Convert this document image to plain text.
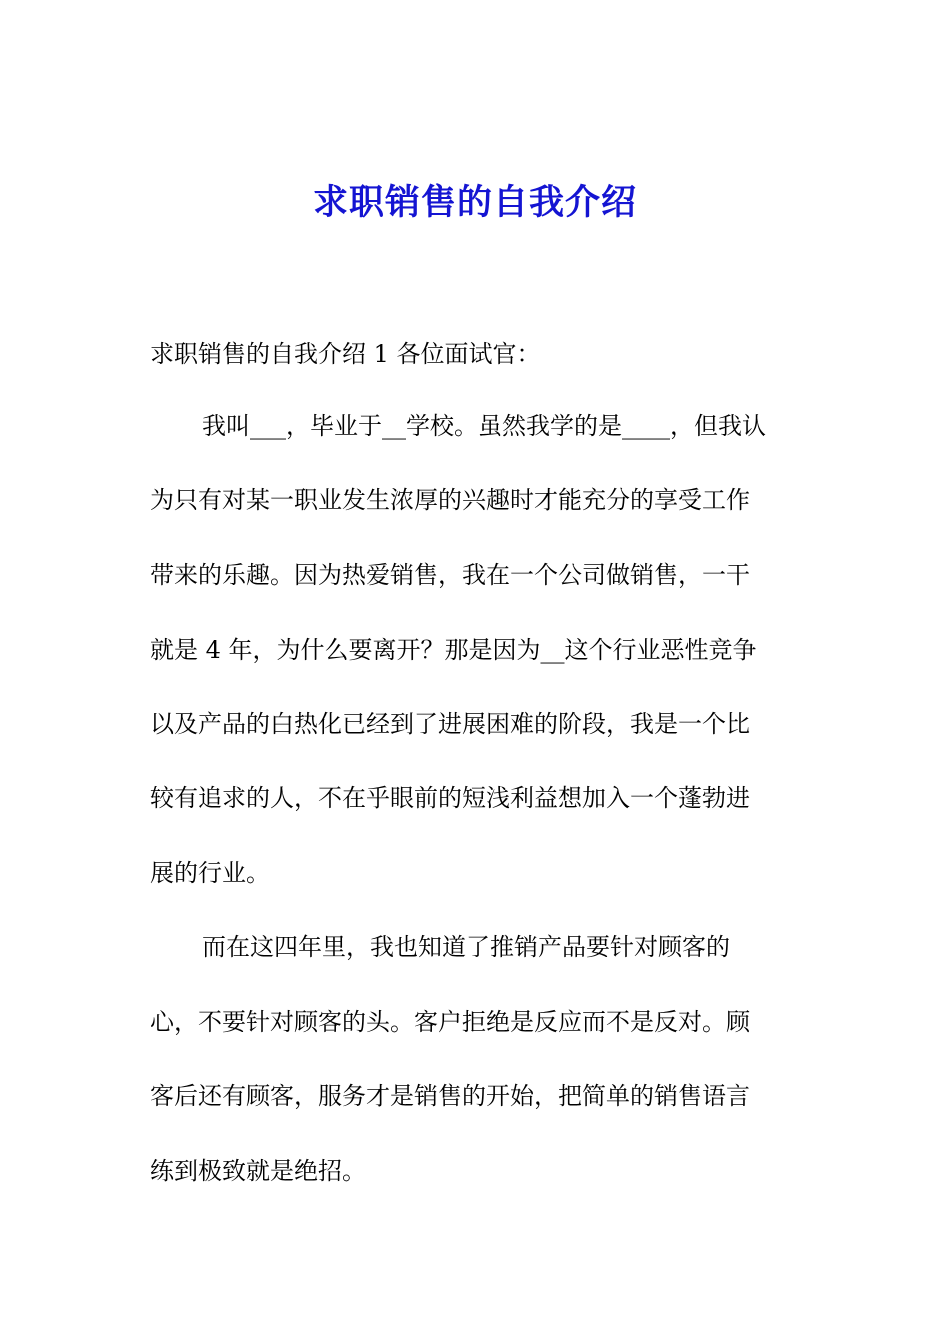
求职销售的自我介绍
求职销售的自我介绍 1 各位面试官：
我叫___，毕业于__学校。虽然我学的是____，但我认
为只有对某一职业发生浓厚的兴趣时才能充分的享受工作
带来的乐趣。因为热爱销售，我在一个公司做销售，一干
就是 4 年，为什么要离开？那是因为__这个行业恶性竞争
以及产品的白热化已经到了进展困难的阶段，我是一个比
较有追求的人，不在乎眼前的短浅利益想加入一个蓬勃进
展的行业。
而在这四年里，我也知道了推销产品要针对顾客的
心，不要针对顾客的头。客户拒绝是反应而不是反对。顾
客后还有顾客，服务才是销售的开始，把简单的销售语言
练到极致就是绝招。
